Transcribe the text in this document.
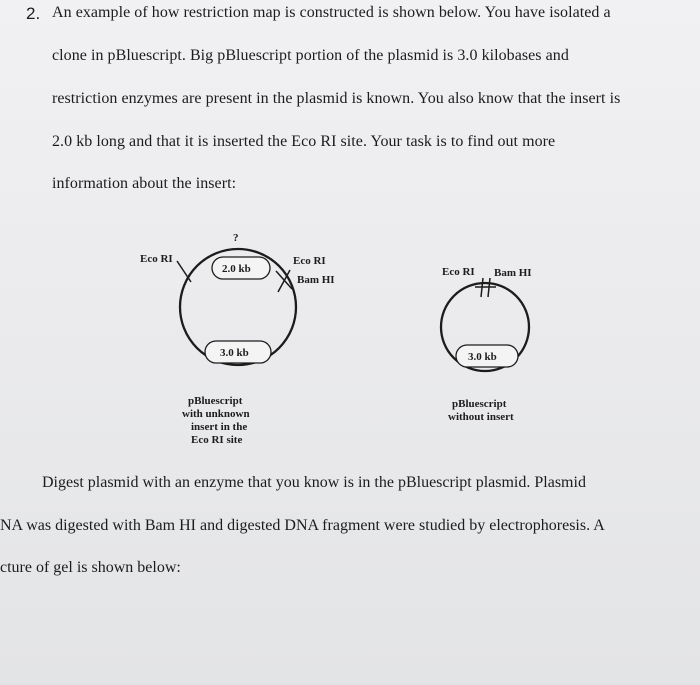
2. An example of how restriction map is constructed is shown below. You have isolated a
clone in pBluescript. Big pBluescript portion of the plasmid is 3.0 kilobases and
restriction enzymes are present in the plasmid is known. You also know that the insert is
2.0 kb long and that it is inserted the Eco RI site. Your task is to find out more
information about the insert:
?
Eco RI
2.0 kb
Eco RI
Bam HI
3.0 kb
pBluescript
with unknown
insert in the
Eco RI site
Eco RI Bam HI
3.0 kb
pBluescript
without insert
Digest plasmid with an enzyme that you know is in the pBluescript plasmid. Plasmid
NA was digested with Bam HI and digested DNA fragment were studied by electrophoresis. A
cture of gel is shown below:
